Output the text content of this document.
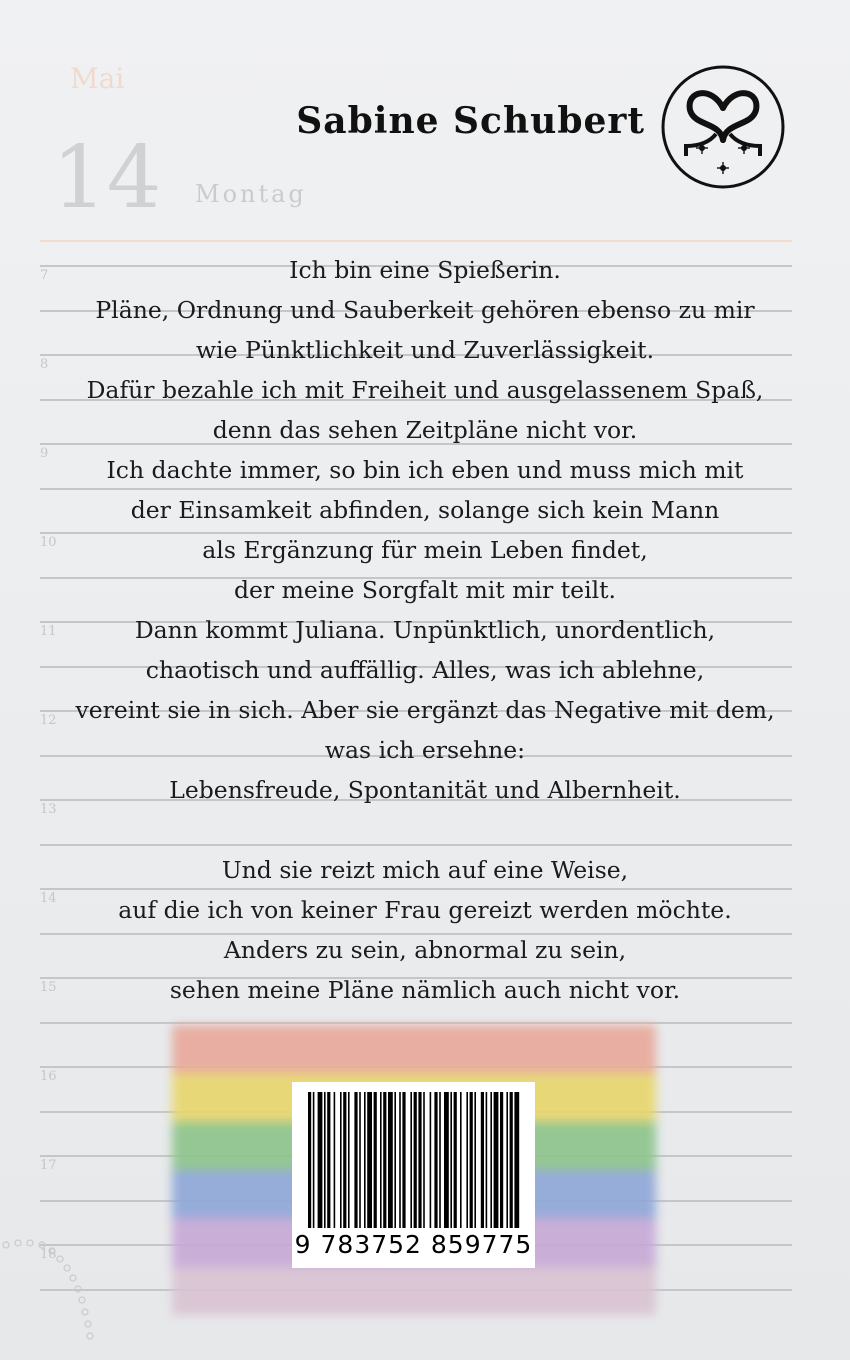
Mai
14 Montag
Sabine Schubert
7
8
9
10
11
12
13
14
15
16
17
18
Ich bin eine Spießerin.
Pläne, Ordnung und Sauberkeit gehören ebenso zu mir
wie Pünktlichkeit und Zuverlässigkeit.
Dafür bezahle ich mit Freiheit und ausgelassenem Spaß,
denn das sehen Zeitpläne nicht vor.
Ich dachte immer, so bin ich eben und muss mich mit
der Einsamkeit abfinden, solange sich kein Mann
als Ergänzung für mein Leben findet,
der meine Sorgfalt mit mir teilt.
Dann kommt Juliana. Unpünktlich, unordentlich,
chaotisch und auffällig. Alles, was ich ablehne,
vereint sie in sich. Aber sie ergänzt das Negative mit dem,
was ich ersehne:
Lebensfreude, Spontanität und Albernheit.
Und sie reizt mich auf eine Weise,
auf die ich von keiner Frau gereizt werden möchte.
Anders zu sein, abnormal zu sein,
sehen meine Pläne nämlich auch nicht vor.
9 783752 859775
